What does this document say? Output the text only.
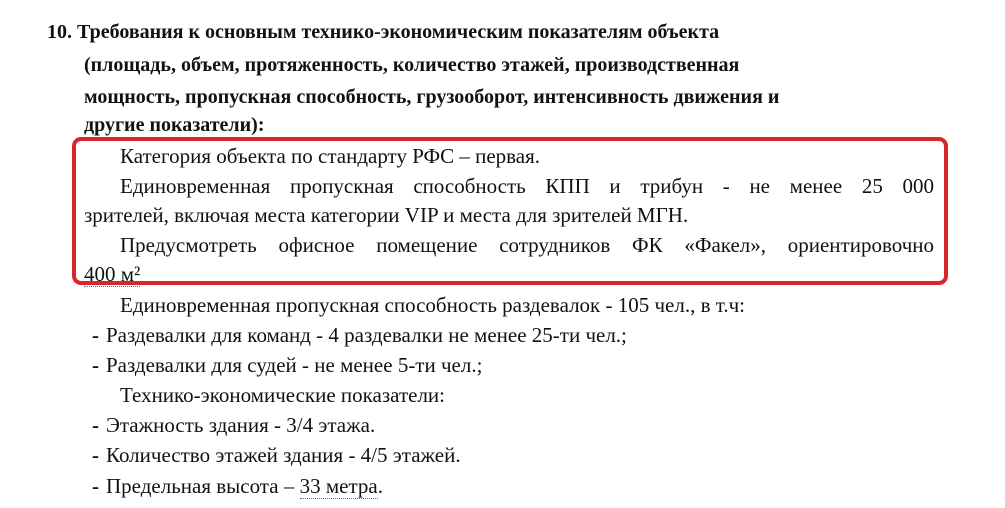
10. Требования к основным технико-экономическим показателям объекта
(площадь, объем, протяженность, количество этажей, производственная
мощность, пропускная способность, грузооборот, интенсивность движения и
другие показатели):
Категория объекта по стандарту РФС – первая.
Единовременная пропускная способность КПП и трибун - не менее 25 000
зрителей, включая места категории VIP и места для зрителей МГН.
Предусмотреть офисное помещение сотрудников ФК «Факел», ориентировочно
400 м²
Единовременная пропускная способность раздевалок - 105 чел., в т.ч:
- Раздевалки для команд - 4 раздевалки не менее 25-ти чел.;
- Раздевалки для судей - не менее 5-ти чел.;
Технико-экономические показатели:
- Этажность здания - 3/4 этажа.
- Количество этажей здания - 4/5 этажей.
- Предельная высота – 33 метра.
